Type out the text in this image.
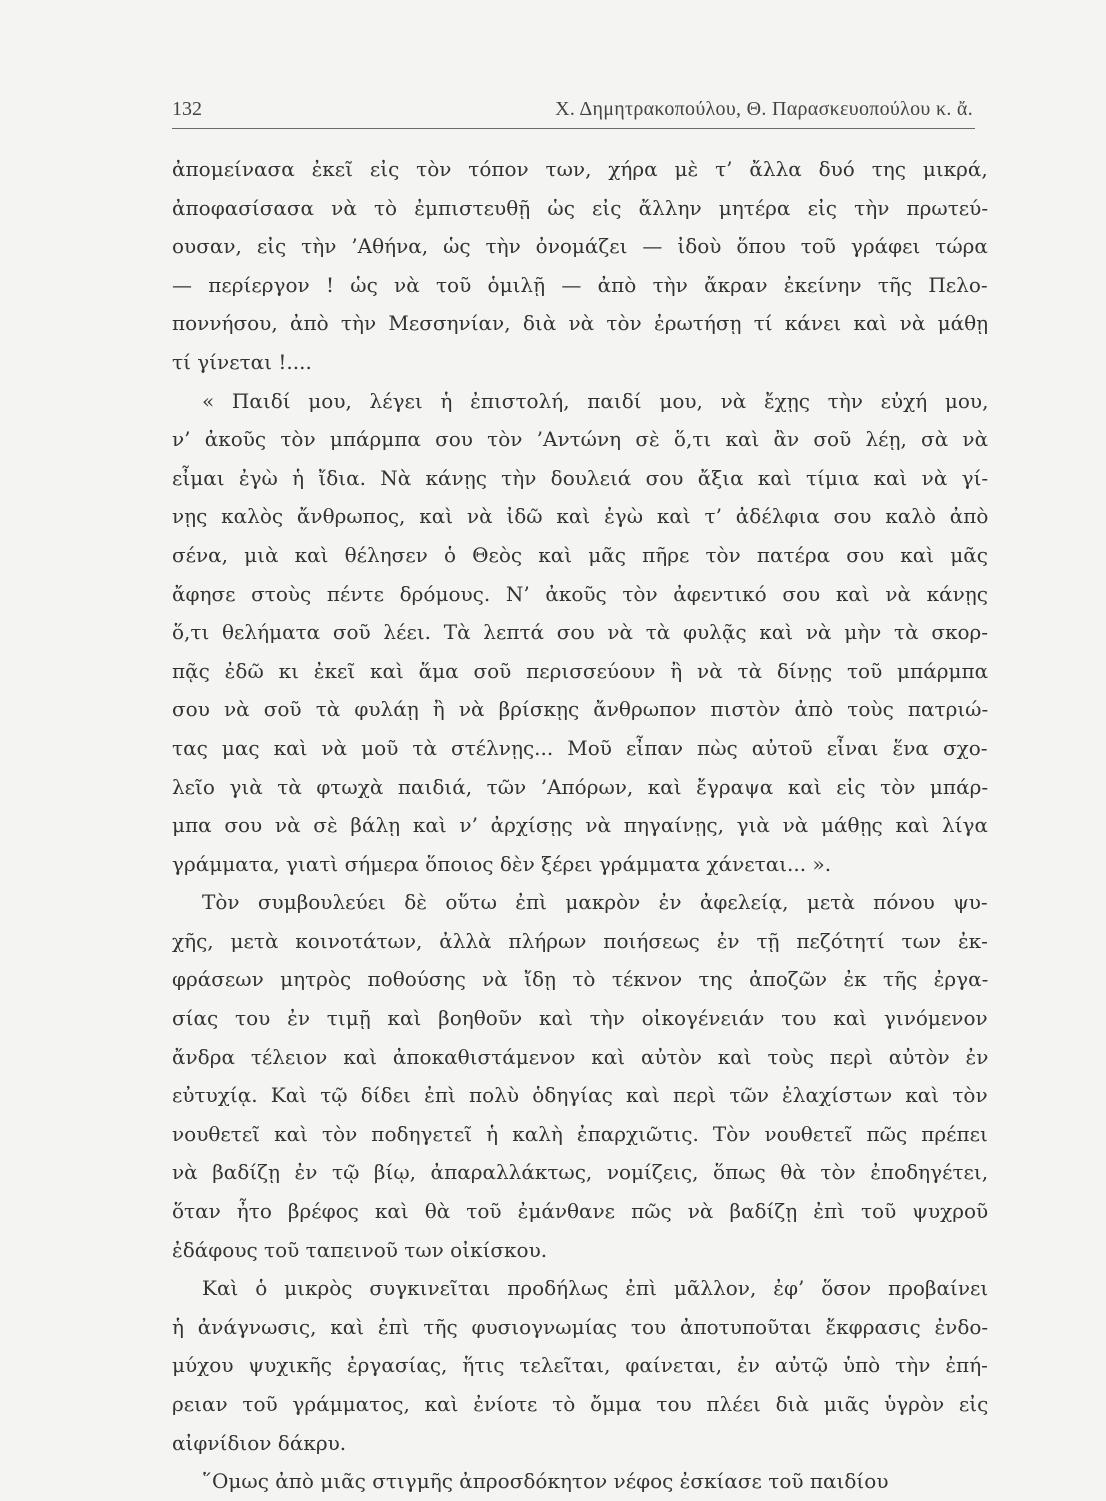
132	Χ. Δημητρακοπούλου, Θ. Παρασκευοπούλου κ. ἄ.
ἀπομείνασα ἐκεῖ εἰς τὸν τόπον των, χήρα μὲ τ’ ἄλλα δυό της μικρά,
ἀποφασίσασα νὰ τὸ ἐμπιστευθῇ ὡς εἰς ἄλλην μητέρα εἰς τὴν πρωτεύ-
ουσαν, εἰς τὴν ’Αθήνα, ὡς τὴν ὀνομάζει — ἰδοὺ ὅπου τοῦ γράφει τώρα
— περίεργον ! ὡς νὰ τοῦ ὁμιλῇ — ἀπὸ τὴν ἄκραν ἐκείνην τῆς Πελο-
ποννήσου, ἀπὸ τὴν Μεσσηνίαν, διὰ νὰ τὸν ἐρωτήσῃ τί κάνει καὶ νὰ μάθῃ
τί γίνεται !....
« Παιδί μου, λέγει ἡ ἐπιστολή, παιδί μου, νὰ ἔχῃς τὴν εὐχή μου,
ν’ ἀκοῦς τὸν μπάρμπα σου τὸν ’Αντώνη σὲ ὅ,τι καὶ ἂν σοῦ λέῃ, σὰ νὰ
εἶμαι ἐγὼ ἡ ἴδια. Νὰ κάνῃς τὴν δουλειά σου ἄξια καὶ τίμια καὶ νὰ γί-
νῃς καλὸς ἄνθρωπος, καὶ νὰ ἰδῶ καὶ ἐγὼ καὶ τ’ ἀδέλφια σου καλὸ ἀπὸ
σένα, μιὰ καὶ θέλησεν ὁ Θεὸς καὶ μᾶς πῆρε τὸν πατέρα σου καὶ μᾶς
ἄφησε στοὺς πέντε δρόμους. Ν’ ἀκοῦς τὸν ἀφεντικό σου καὶ νὰ κάνῃς
ὅ,τι θελήματα σοῦ λέει. Τὰ λεπτά σου νὰ τὰ φυλᾷς καὶ νὰ μὴν τὰ σκορ-
πᾷς ἐδῶ κι ἐκεῖ καὶ ἅμα σοῦ περισσεύουν ἢ νὰ τὰ δίνῃς τοῦ μπάρμπα
σου νὰ σοῦ τὰ φυλάῃ ἢ νὰ βρίσκῃς ἄνθρωπον πιστὸν ἀπὸ τοὺς πατριώ-
τας μας καὶ νὰ μοῦ τὰ στέλνῃς... Μοῦ εἶπαν πὼς αὐτοῦ εἶναι ἕνα σχο-
λεῖο γιὰ τὰ φτωχὰ παιδιά, τῶν ’Απόρων, καὶ ἔγραψα καὶ εἰς τὸν μπάρ-
μπα σου νὰ σὲ βάλῃ καὶ ν’ ἀρχίσῃς νὰ πηγαίνῃς, γιὰ νὰ μάθῃς καὶ λίγα
γράμματα, γιατὶ σήμερα ὅποιος δὲν ξέρει γράμματα χάνεται... ».
Τὸν συμβουλεύει δὲ οὕτω ἐπὶ μακρὸν ἐν ἀφελείᾳ, μετὰ πόνου ψυ-
χῆς, μετὰ κοινοτάτων, ἀλλὰ πλήρων ποιήσεως ἐν τῇ πεζότητί των ἐκ-
φράσεων μητρὸς ποθούσης νὰ ἴδῃ τὸ τέκνον της ἀποζῶν ἐκ τῆς ἐργα-
σίας του ἐν τιμῇ καὶ βοηθοῦν καὶ τὴν οἰκογένειάν του καὶ γινόμενον
ἄνδρα τέλειον καὶ ἀποκαθιστάμενον καὶ αὐτὸν καὶ τοὺς περὶ αὐτὸν ἐν
εὐτυχίᾳ. Καὶ τῷ δίδει ἐπὶ πολὺ ὁδηγίας καὶ περὶ τῶν ἐλαχίστων καὶ τὸν
νουθετεῖ καὶ τὸν ποδηγετεῖ ἡ καλὴ ἐπαρχιῶτις. Τὸν νουθετεῖ πῶς πρέπει
νὰ βαδίζῃ ἐν τῷ βίῳ, ἀπαραλλάκτως, νομίζεις, ὅπως θὰ τὸν ἐποδηγέτει,
ὅταν ἦτο βρέφος καὶ θὰ τοῦ ἐμάνθανε πῶς νὰ βαδίζῃ ἐπὶ τοῦ ψυχροῦ
ἐδάφους τοῦ ταπεινοῦ των οἰκίσκου.
Καὶ ὁ μικρὸς συγκινεῖται προδήλως ἐπὶ μᾶλλον, ἐφ’ ὅσον προβαίνει
ἡ ἀνάγνωσις, καὶ ἐπὶ τῆς φυσιογνωμίας του ἀποτυποῦται ἔκφρασις ἐνδο-
μύχου ψυχικῆς ἐργασίας, ἥτις τελεῖται, φαίνεται, ἐν αὐτῷ ὑπὸ τὴν ἐπή-
ρειαν τοῦ γράμματος, καὶ ἐνίοτε τὸ ὄμμα του πλέει διὰ μιᾶς ὑγρὸν εἰς
αἰφνίδιον δάκρυ.
῞Ομως ἀπὸ μιᾶς στιγμῆς ἀπροσδόκητον νέφος ἐσκίασε τοῦ παιδίου
